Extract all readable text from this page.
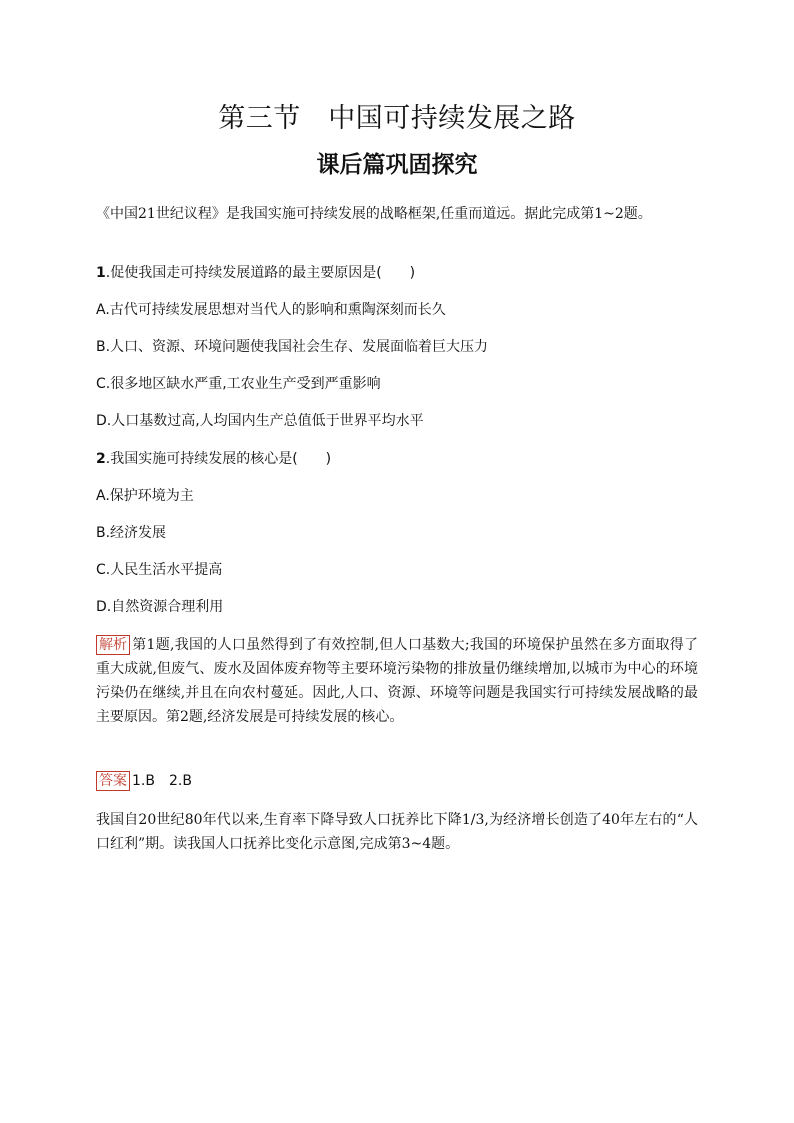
第三节　中国可持续发展之路
课后篇巩固探究
《中国21世纪议程》是我国实施可持续发展的战略框架,任重而道远。据此完成第1~2题。
1.促使我国走可持续发展道路的最主要原因是(　　)
A.古代可持续发展思想对当代人的影响和熏陶深刻而长久
B.人口、资源、环境问题使我国社会生存、发展面临着巨大压力
C.很多地区缺水严重,工农业生产受到严重影响
D.人口基数过高,人均国内生产总值低于世界平均水平
2.我国实施可持续发展的核心是(　　)
A.保护环境为主
B.经济发展
C.人民生活水平提高
D.自然资源合理利用
解析 第1题,我国的人口虽然得到了有效控制,但人口基数大;我国的环境保护虽然在多方面取得了重大成就,但废气、废水及固体废弃物等主要环境污染物的排放量仍继续增加,以城市为中心的环境污染仍在继续,并且在向农村蔓延。因此,人口、资源、环境等问题是我国实行可持续发展战略的最主要原因。第2题,经济发展是可持续发展的核心。
答案 1.B　2.B
我国自20世纪80年代以来,生育率下降导致人口抚养比下降1/3,为经济增长创造了40年左右的“人口红利”期。读我国人口抚养比变化示意图,完成第3~4题。
